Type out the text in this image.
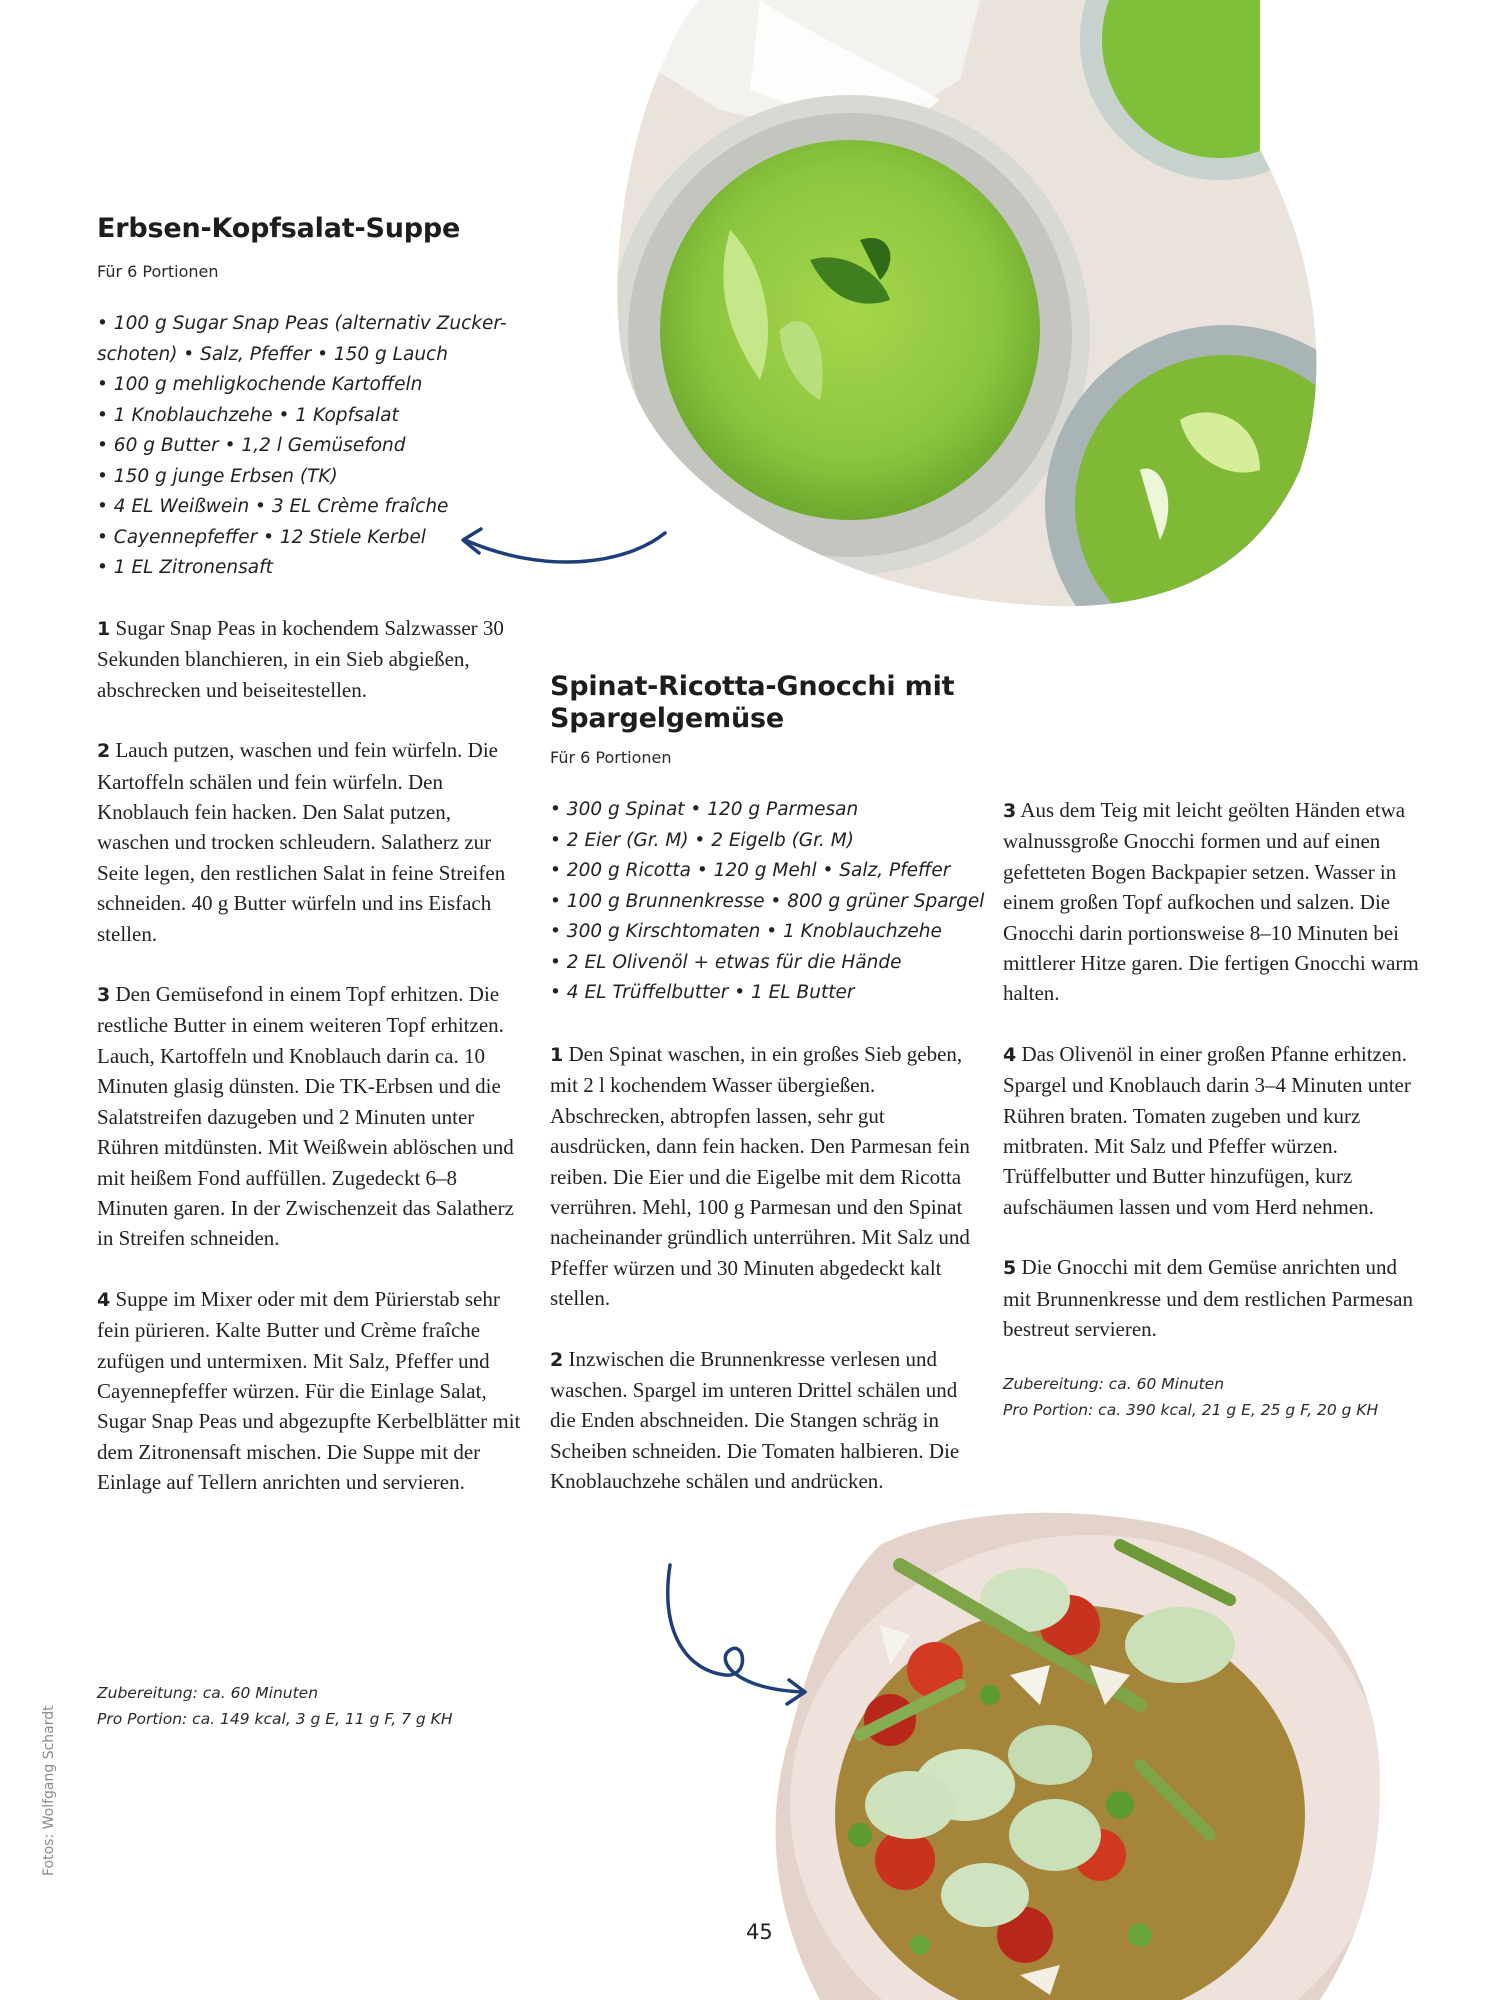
Erbsen-Kopfsalat-Suppe
Für 6 Portionen
• 100 g Sugar Snap Peas (alternativ Zucker-
schoten) • Salz, Pfeffer • 150 g Lauch
• 100 g mehligkochende Kartoffeln
• 1 Knoblauchzehe • 1 Kopfsalat
• 60 g Butter • 1,2 l Gemüsefond
• 150 g junge Erbsen (TK)
• 4 EL Weißwein • 3 EL Crème fraîche
• Cayennepfeffer • 12 Stiele Kerbel
• 1 EL Zitronensaft

1 Sugar Snap Peas in kochendem Salzwasser 30 Sekunden blanchieren, in ein Sieb abgießen, abschrecken und beiseitestellen.

2 Lauch putzen, waschen und fein würfeln. Die Kartoffeln schälen und fein würfeln. Den Knoblauch fein hacken. Den Salat putzen, waschen und trocken schleudern. Salatherz zur Seite legen, den restlichen Salat in feine Streifen schneiden. 40 g Butter würfeln und ins Eisfach stellen.

3 Den Gemüsefond in einem Topf erhitzen. Die restliche Butter in einem weiteren Topf erhitzen. Lauch, Kartoffeln und Knoblauch darin ca. 10 Minuten glasig dünsten. Die TK-Erbsen und die Salatstreifen dazugeben und 2 Minuten unter Rühren mitdünsten. Mit Weißwein ablöschen und mit heißem Fond auffüllen. Zugedeckt 6–8 Minuten garen. In der Zwischenzeit das Salatherz in Streifen schneiden.

4 Suppe im Mixer oder mit dem Pürierstab sehr fein pürieren. Kalte Butter und Crème fraîche zufügen und untermixen. Mit Salz, Pfeffer und Cayennepfeffer würzen. Für die Einlage Salat, Sugar Snap Peas und abgezupfte Kerbelblätter mit dem Zitronensaft mischen. Die Suppe mit der Einlage auf Tellern anrichten und servieren.

Zubereitung: ca. 60 Minuten
Pro Portion: ca. 149 kcal, 3 g E, 11 g F, 7 g KH
Spinat-Ricotta-Gnocchi mit
Spargelgemüse
Für 6 Portionen
• 300 g Spinat • 120 g Parmesan
• 2 Eier (Gr. M) • 2 Eigelb (Gr. M)
• 200 g Ricotta • 120 g Mehl • Salz, Pfeffer
• 100 g Brunnenkresse • 800 g grüner Spargel
• 300 g Kirschtomaten • 1 Knoblauchzehe
• 2 EL Olivenöl + etwas für die Hände
• 4 EL Trüffelbutter • 1 EL Butter

1 Den Spinat waschen, in ein großes Sieb geben, mit 2 l kochendem Wasser übergießen. Abschrecken, abtropfen lassen, sehr gut ausdrücken, dann fein hacken. Den Parmesan fein reiben. Die Eier und die Eigelbe mit dem Ricotta verrühren. Mehl, 100 g Parmesan und den Spinat nacheinander gründlich unterrühren. Mit Salz und Pfeffer würzen und 30 Minuten abgedeckt kalt stellen.

2 Inzwischen die Brunnenkresse verlesen und waschen. Spargel im unteren Drittel schälen und die Enden abschneiden. Die Stangen schräg in Scheiben schneiden. Die Tomaten halbieren. Die Knoblauchzehe schälen und andrücken.

3 Aus dem Teig mit leicht geölten Händen etwa walnussgroße Gnocchi formen und auf einen gefetteten Bogen Backpapier setzen. Wasser in einem großen Topf aufkochen und salzen. Die Gnocchi darin portionsweise 8–10 Minuten bei mittlerer Hitze garen. Die fertigen Gnocchi warm halten.

4 Das Olivenöl in einer großen Pfanne erhitzen. Spargel und Knoblauch darin 3–4 Minuten unter Rühren braten. Tomaten zugeben und kurz mitbraten. Mit Salz und Pfeffer würzen. Trüffelbutter und Butter hinzufügen, kurz aufschäumen lassen und vom Herd nehmen.

5 Die Gnocchi mit dem Gemüse anrichten und mit Brunnenkresse und dem restlichen Parmesan bestreut servieren.

Zubereitung: ca. 60 Minuten
Pro Portion: ca. 390 kcal, 21 g E, 25 g F, 20 g KH
Fotos: Wolfgang Schardt
45
